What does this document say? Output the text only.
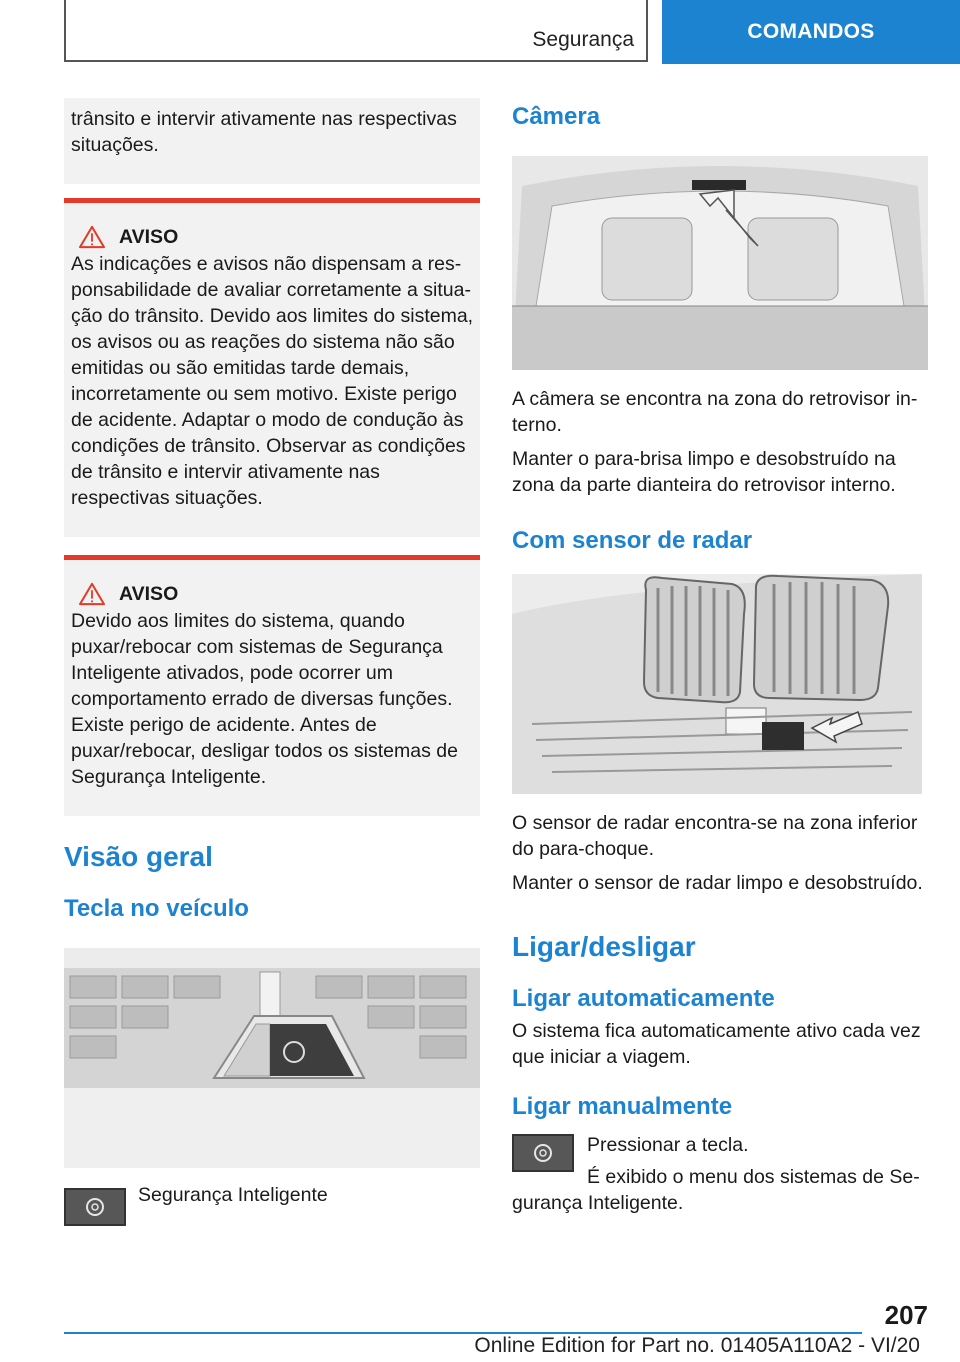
Segurança	COMANDOS

trânsito e intervir ativamente nas respectivas situações.

AVISO

As indicações e avisos não dispensam a responsabilidade de avaliar corretamente a situação do trânsito. Devido aos limites do sistema, os avisos ou as reações do sistema não são emitidas ou são emitidas tarde demais, incorretamente ou sem motivo. Existe perigo de acidente. Adaptar o modo de condução às condições de trânsito. Observar as condições de trânsito e intervir ativamente nas respectivas situações.

AVISO

Devido aos limites do sistema, quando puxar/rebocar com sistemas de Segurança Inteligente ativados, pode ocorrer um comportamento errado de diversas funções. Existe perigo de acidente. Antes de puxar/rebocar, desligar todos os sistemas de Segurança Inteligente.

Visão geral
Tecla no veículo

Segurança Inteligente

Câmera

A câmera se encontra na zona do retrovisor interno.

Manter o para-brisa limpo e desobstruído na zona da parte dianteira do retrovisor interno.

Com sensor de radar

O sensor de radar encontra-se na zona inferior do para-choque.

Manter o sensor de radar limpo e desobstruído.

Ligar/desligar
Ligar automaticamente

O sistema fica automaticamente ativo cada vez que iniciar a viagem.

Ligar manualmente

Pressionar a tecla.

É exibido o menu dos sistemas de Segurança Inteligente.

207
Online Edition for Part no. 01405A110A2 - VI/20
